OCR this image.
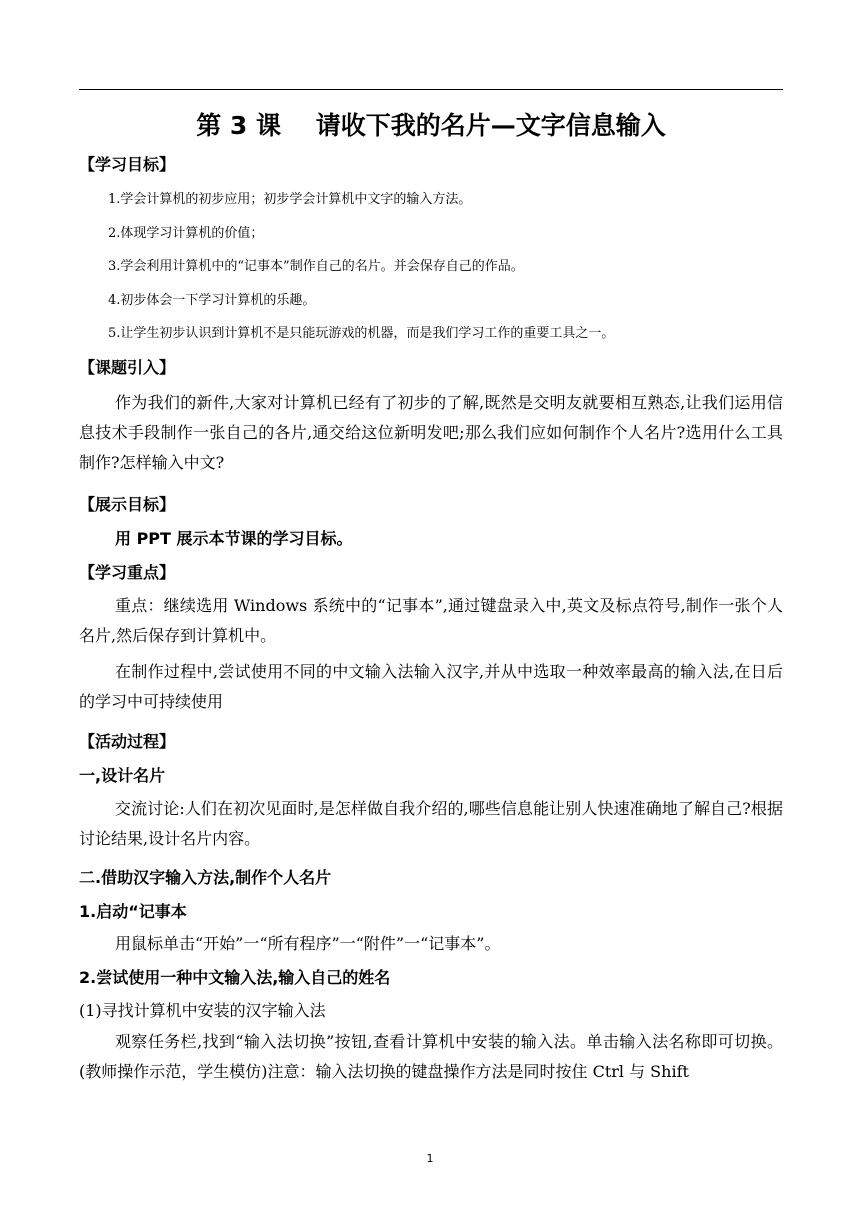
第 3 课    请收下我的名片—文字信息输入
【学习目标】
1.学会计算机的初步应用；初步学会计算机中文字的输入方法。
2.体现学习计算机的价值；
3.学会利用计算机中的“记事本”制作自己的名片。并会保存自己的作品。
4.初步体会一下学习计算机的乐趣。
5.让学生初步认识到计算机不是只能玩游戏的机器，而是我们学习工作的重要工具之一。
【课题引入】

作为我们的新件,大家对计算机已经有了初步的了解,既然是交明友就要相互熟态,让我们运用信息技术手段制作一张自己的各片,通交给这位新明发吧;那么我们应如何制作个人名片?选用什么工具制作?怎样输入中文?

【展示目标】
用 PPT 展示本节课的学习目标。
【学习重点】

重点：继续选用 Windows 系统中的“记事本”,通过键盘录入中,英文及标点符号,制作一张个人名片,然后保存到计算机中。

在制作过程中,尝试使用不同的中文输入法输入汉字,并从中选取一种效率最高的输入法,在日后的学习中可持续使用

【活动过程】
一,设计名片

交流讨论:人们在初次见面时,是怎样做自我介绍的,哪些信息能让别人快速准确地了解自己?根据讨论结果,设计名片内容。

二.借助汉字输入方法,制作个人名片
1.启动“记事本
用鼠标单击“开始”一“所有程序”一“附件”一“记事本”。
2.尝试使用一种中文输入法,输入自己的姓名
(1)寻找计算机中安装的汉字输入法

观察任务栏,找到“输入法切换”按钮,查看计算机中安装的输入法。单击输入法名称即可切换。(教师操作示范，学生模仿)注意：输入法切换的键盘操作方法是同时按住 Ctrl 与 Shift

1
